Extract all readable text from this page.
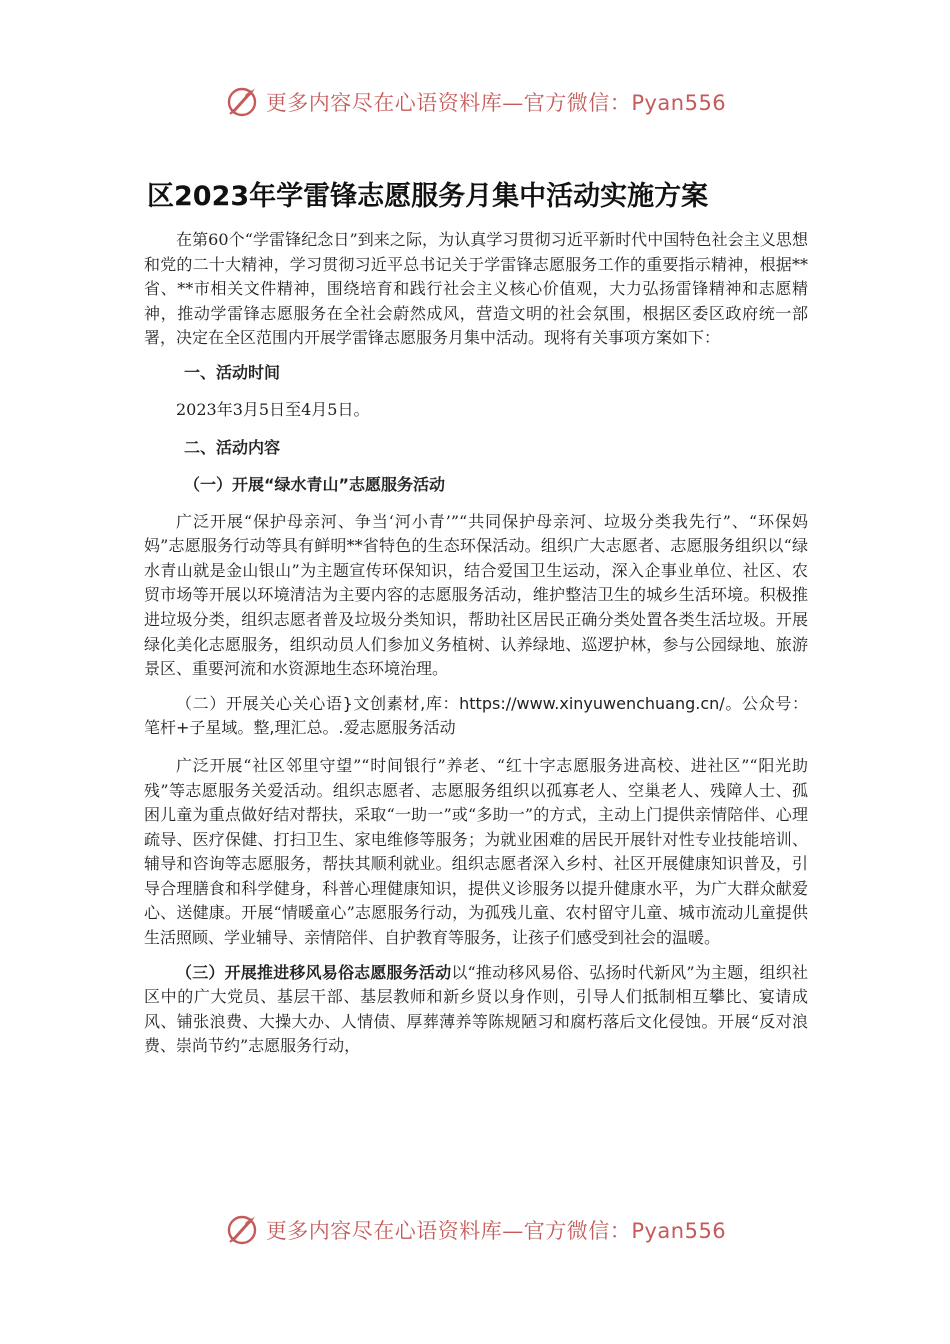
更多内容尽在心语资料库—官方微信：Pyan556
区2023年学雷锋志愿服务月集中活动实施方案

在第60个“学雷锋纪念日”到来之际，为认真学习贯彻习近平新时代中国特色社会主义思想和党的二十大精神，学习贯彻习近平总书记关于学雷锋志愿服务工作的重要指示精神，根据**省、**市相关文件精神，围绕培育和践行社会主义核心价值观，大力弘扬雷锋精神和志愿精神，推动学雷锋志愿服务在全社会蔚然成风，营造文明的社会氛围，根据区委区政府统一部署，决定在全区范围内开展学雷锋志愿服务月集中活动。现将有关事项方案如下：

一、活动时间

2023年3月5日至4月5日。

二、活动内容

（一）开展“绿水青山”志愿服务活动

广泛开展“保护母亲河、争当‘河小青’”“共同保护母亲河、垃圾分类我先行”、“环保妈妈”志愿服务行动等具有鲜明**省特色的生态环保活动。组织广大志愿者、志愿服务组织以“绿水青山就是金山银山”为主题宣传环保知识，结合爱国卫生运动，深入企事业单位、社区、农贸市场等开展以环境清洁为主要内容的志愿服务活动，维护整洁卫生的城乡生活环境。积极推进垃圾分类，组织志愿者普及垃圾分类知识，帮助社区居民正确分类处置各类生活垃圾。开展绿化美化志愿服务，组织动员人们参加义务植树、认养绿地、巡逻护林，参与公园绿地、旅游景区、重要河流和水资源地生态环境治理。

（二）开展关心关心语}文创素材,库：https://www.xinyuwenchuang.cn/。公众号：笔杆+子星域。整,理汇总。.爱志愿服务活动

广泛开展“社区邻里守望”“时间银行”养老、“红十字志愿服务进高校、进社区”“阳光助残”等志愿服务关爱活动。组织志愿者、志愿服务组织以孤寡老人、空巢老人、残障人士、孤困儿童为重点做好结对帮扶，采取“一助一”或“多助一”的方式，主动上门提供亲情陪伴、心理疏导、医疗保健、打扫卫生、家电维修等服务；为就业困难的居民开展针对性专业技能培训、辅导和咨询等志愿服务，帮扶其顺利就业。组织志愿者深入乡村、社区开展健康知识普及，引导合理膳食和科学健身，科普心理健康知识，提供义诊服务以提升健康水平，为广大群众献爱心、送健康。开展“情暖童心”志愿服务行动，为孤残儿童、农村留守儿童、城市流动儿童提供生活照顾、学业辅导、亲情陪伴、自护教育等服务，让孩子们感受到社会的温暖。

（三）开展推进移风易俗志愿服务活动以“推动移风易俗、弘扬时代新风”为主题，组织社区中的广大党员、基层干部、基层教师和新乡贤以身作则，引导人们抵制相互攀比、宴请成风、铺张浪费、大操大办、人情债、厚葬薄养等陈规陋习和腐朽落后文化侵蚀。开展“反对浪费、崇尚节约”志愿服务行动，

更多内容尽在心语资料库—官方微信：Pyan556
